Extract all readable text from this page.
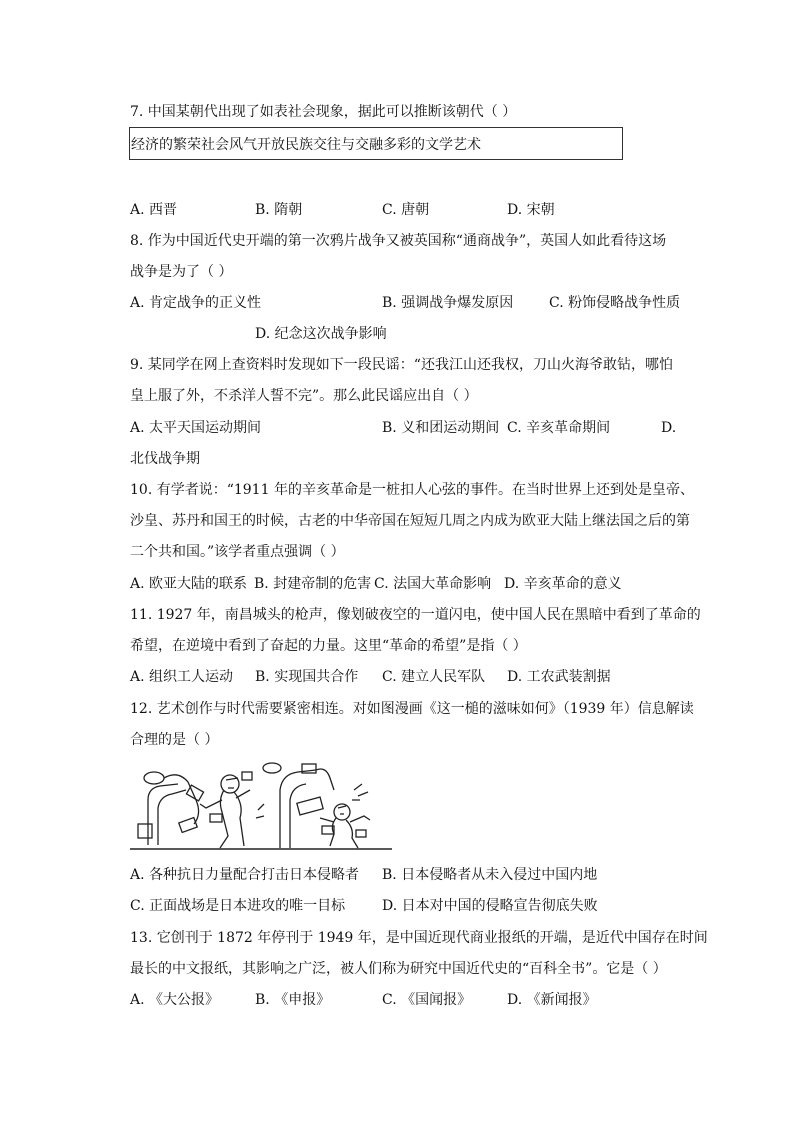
7. 中国某朝代出现了如表社会现象，据此可以推断该朝代（ ）
经济的繁荣社会风气开放民族交往与交融多彩的文学艺术
A. 西晋	B. 隋朝	C. 唐朝	D. 宋朝
8. 作为中国近代史开端的第一次鸦片战争又被英国称“通商战争”，英国人如此看待这场
战争是为了（ ）
A. 肯定战争的正义性	B. 强调战争爆发原因	C. 粉饰侵略战争性质
D. 纪念这次战争影响
9. 某同学在网上查资料时发现如下一段民谣：“还我江山还我权，刀山火海爷敢钻，哪怕
皇上服了外，不杀洋人誓不完”。那么此民谣应出自（ ）
A. 太平天国运动期间	B. 义和团运动期间 C. 辛亥革命期间	D.
北伐战争期
10. 有学者说：“1911 年的辛亥革命是一桩扣人心弦的事件。在当时世界上还到处是皇帝、
沙皇、苏丹和国王的时候，古老的中华帝国在短短几周之内成为欧亚大陆上继法国之后的第
二个共和国。”该学者重点强调（ ）
A. 欧亚大陆的联系 B. 封建帝制的危害 C. 法国大革命影响 D. 辛亥革命的意义
11. 1927 年，南昌城头的枪声，像划破夜空的一道闪电，使中国人民在黑暗中看到了革命的
希望，在逆境中看到了奋起的力量。这里“革命的希望”是指（ ）
A. 组织工人运动 B. 实现国共合作 C. 建立人民军队 D. 工农武装割据
12. 艺术创作与时代需要紧密相连。对如图漫画《这一槌的滋味如何》（1939 年）信息解读
合理的是（ ）
A. 各种抗日力量配合打击日本侵略者 B. 日本侵略者从未入侵过中国内地
C. 正面战场是日本进攻的唯一目标	D. 日本对中国的侵略宣告彻底失败
13. 它创刊于 1872 年停刊于 1949 年，是中国近现代商业报纸的开端，是近代中国存在时间
最长的中文报纸，其影响之广泛，被人们称为研究中国近代史的“百科全书”。它是（ ）
A. 《大公报》	B. 《申报》	C. 《国闻报》	D. 《新闻报》
